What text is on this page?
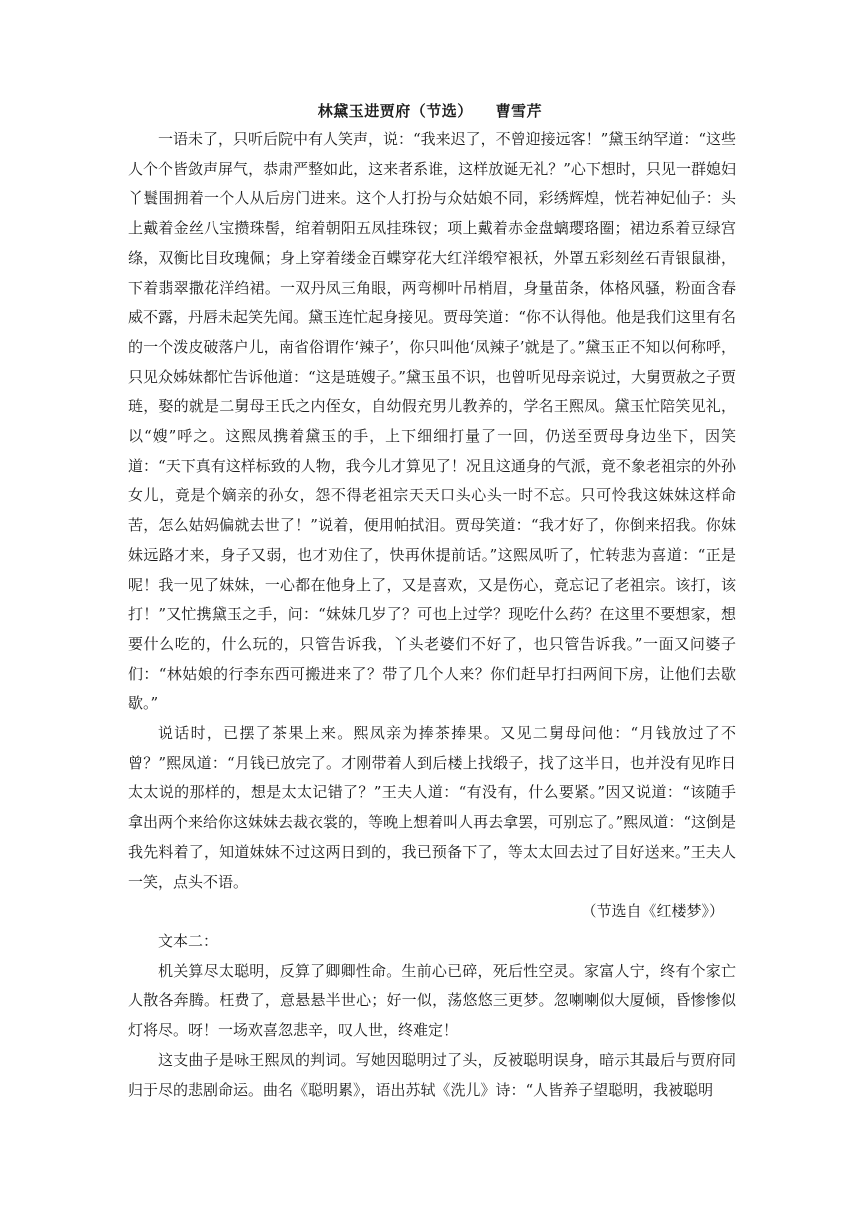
林黛玉进贾府（节选）    曹雪芹

一语未了，只听后院中有人笑声，说：“我来迟了，不曾迎接远客！”黛玉纳罕道：“这些人个个皆敛声屏气，恭肃严整如此，这来者系谁，这样放诞无礼？”心下想时，只见一群媳妇丫鬟围拥着一个人从后房门进来。这个人打扮与众姑娘不同，彩绣辉煌，恍若神妃仙子：头上戴着金丝八宝攒珠髻，绾着朝阳五凤挂珠钗；项上戴着赤金盘螭璎珞圈；裙边系着豆绿宫绦，双衡比目玫瑰佩；身上穿着缕金百蝶穿花大红洋缎窄裉袄，外罩五彩刻丝石青银鼠褂，下着翡翠撒花洋绉裙。一双丹凤三角眼，两弯柳叶吊梢眉，身量苗条，体格风骚，粉面含春威不露，丹唇未起笑先闻。黛玉连忙起身接见。贾母笑道：“你不认得他。他是我们这里有名的一个泼皮破落户儿，南省俗谓作‘辣子’，你只叫他‘凤辣子’就是了。”黛玉正不知以何称呼，只见众姊妹都忙告诉他道：“这是琏嫂子。”黛玉虽不识，也曾听见母亲说过，大舅贾赦之子贾琏，娶的就是二舅母王氏之内侄女，自幼假充男儿教养的，学名王熙凤。黛玉忙陪笑见礼，以“嫂”呼之。这熙凤携着黛玉的手，上下细细打量了一回，仍送至贾母身边坐下，因笑道：“天下真有这样标致的人物，我今儿才算见了！况且这通身的气派，竟不象老祖宗的外孙女儿，竟是个嫡亲的孙女，怨不得老祖宗天天口头心头一时不忘。只可怜我这妹妹这样命苦，怎么姑妈偏就去世了！”说着，便用帕拭泪。贾母笑道：“我才好了，你倒来招我。你妹妹远路才来，身子又弱，也才劝住了，快再休提前话。”这熙凤听了，忙转悲为喜道：“正是呢！我一见了妹妹，一心都在他身上了，又是喜欢，又是伤心，竟忘记了老祖宗。该打，该打！”又忙携黛玉之手，问：“妹妹几岁了？可也上过学？现吃什么药？在这里不要想家，想要什么吃的，什么玩的，只管告诉我，丫头老婆们不好了，也只管告诉我。”一面又问婆子们：“林姑娘的行李东西可搬进来了？带了几个人来？你们赶早打扫两间下房，让他们去歇歇。”

说话时，已摆了茶果上来。熙凤亲为捧茶捧果。又见二舅母问他：“月钱放过了不曾？”熙凤道：“月钱已放完了。才刚带着人到后楼上找缎子，找了这半日，也并没有见昨日太太说的那样的，想是太太记错了？”王夫人道：“有没有，什么要紧。”因又说道：“该随手拿出两个来给你这妹妹去裁衣裳的，等晚上想着叫人再去拿罢，可别忘了。”熙凤道：“这倒是我先料着了，知道妹妹不过这两日到的，我已预备下了，等太太回去过了目好送来。”王夫人一笑，点头不语。

（节选自《红楼梦》）

文本二：

机关算尽太聪明，反算了卿卿性命。生前心已碎，死后性空灵。家富人宁，终有个家亡人散各奔腾。枉费了，意悬悬半世心；好一似，荡悠悠三更梦。忽喇喇似大厦倾，昏惨惨似灯将尽。呀！一场欢喜忽悲辛，叹人世，终难定！

这支曲子是咏王熙凤的判词。写她因聪明过了头，反被聪明误身，暗示其最后与贾府同归于尽的悲剧命运。曲名《聪明累》，语出苏轼《洗儿》诗：“人皆养子望聪明，我被聪明
